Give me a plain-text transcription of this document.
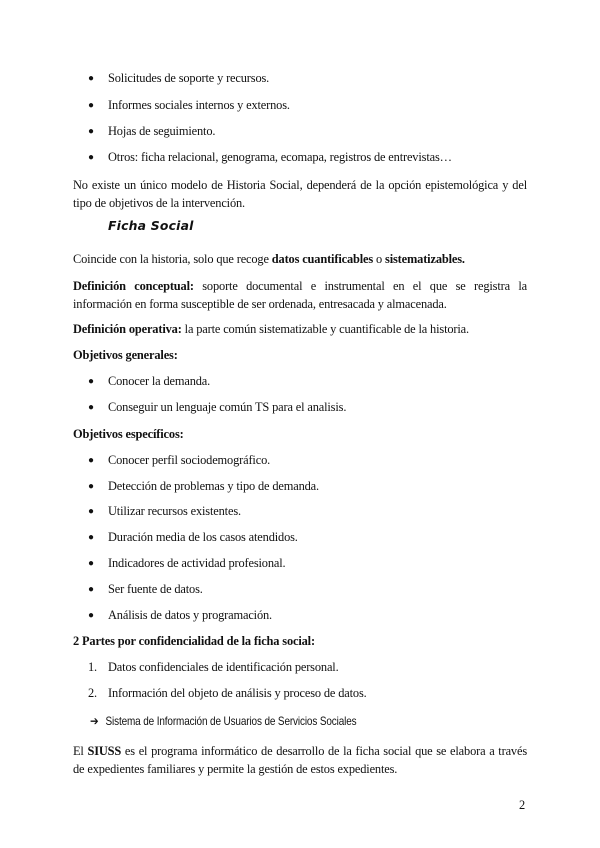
● Solicitudes de soporte y recursos.
● Informes sociales internos y externos.
● Hojas de seguimiento.
● Otros: ficha relacional, genograma, ecomapa, registros de entrevistas…
No existe un único modelo de Historia Social, dependerá de la opción epistemológica y del tipo de objetivos de la intervención.
Ficha Social
Coincide con la historia, solo que recoge datos cuantificables o sistematizables.
Definición conceptual: soporte documental e instrumental en el que se registra la información en forma susceptible de ser ordenada, entresacada y almacenada.
Definición operativa: la parte común sistematizable y cuantificable de la historia.
Objetivos generales:
● Conocer la demanda.
● Conseguir un lenguaje común TS para el analisis.
Objetivos específicos:
● Conocer perfil sociodemográfico.
● Detección de problemas y tipo de demanda.
● Utilizar recursos existentes.
● Duración media de los casos atendidos.
● Indicadores de actividad profesional.
● Ser fuente de datos.
● Análisis de datos y programación.
2 Partes por confidencialidad de la ficha social:
1. Datos confidenciales de identificación personal.
2. Información del objeto de análisis y proceso de datos.
➔ Sistema de Información de Usuarios de Servicios Sociales
El SIUSS es el programa informático de desarrollo de la ficha social que se elabora a través de expedientes familiares y permite la gestión de estos expedientes.
2
